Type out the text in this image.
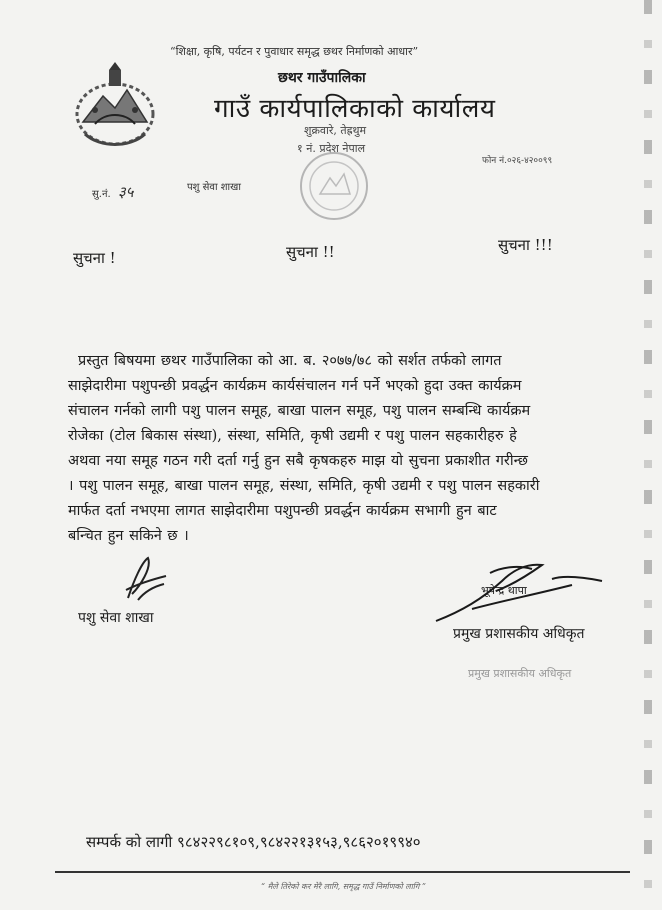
“शिक्षा, कृषि, पर्यटन र पुवाधार समृद्ध छथर निर्माणको आधार”
छथर गाउँपालिका
गाउँ कार्यपालिकाको कार्यालय
शुक्रवारे, तेह्रथुम
१ नं. प्रदेश नेपाल
फोन नं.०२६-४२००९९
सु.नं. ३५	पशु सेवा शाखा
सुचना !	सुचना !!	सुचना !!!
प्रस्तुत बिषयमा छथर गाउँपालिका को आ. ब. २०७७/७८ को सर्शत तर्फको लागत
साझेदारीमा पशुपन्छी प्रवर्द्धन कार्यक्रम कार्यसंचालन गर्न पर्ने भएको हुदा उक्त कार्यक्रम
संचालन गर्नको लागी पशु पालन समूह, बाखा पालन समूह, पशु पालन सम्बन्धि कार्यक्रम
रोजेका (टोल बिकास संस्था), संस्था, समिति, कृषी उद्यमी र पशु पालन सहकारीहरु हे
अथवा नया समूह गठन गरी दर्ता गर्नु हुन सबै कृषकहरु माझ यो सुचना प्रकाशीत गरीन्छ
। पशु पालन समूह, बाखा पालन समूह, संस्था, समिति, कृषी उद्यमी र पशु पालन सहकारी
मार्फत दर्ता नभएमा लागत साझेदारीमा पशुपन्छी प्रवर्द्धन कार्यक्रम सभागी हुन बाट
बन्चित हुन सकिने छ ।
पशु सेवा शाखा
भूपेन्द्र थापा
प्रमुख प्रशासकीय अधिकृत
प्रमुख प्रशासकीय अधिकृत
सम्पर्क को लागी ९८४२२९८१०९,९८४२२१३१५३,९८६२०१९९४०
“ मैले तिरेको कर मेरै लागि, समृद्ध गाउँ निर्माणको लागि ”
